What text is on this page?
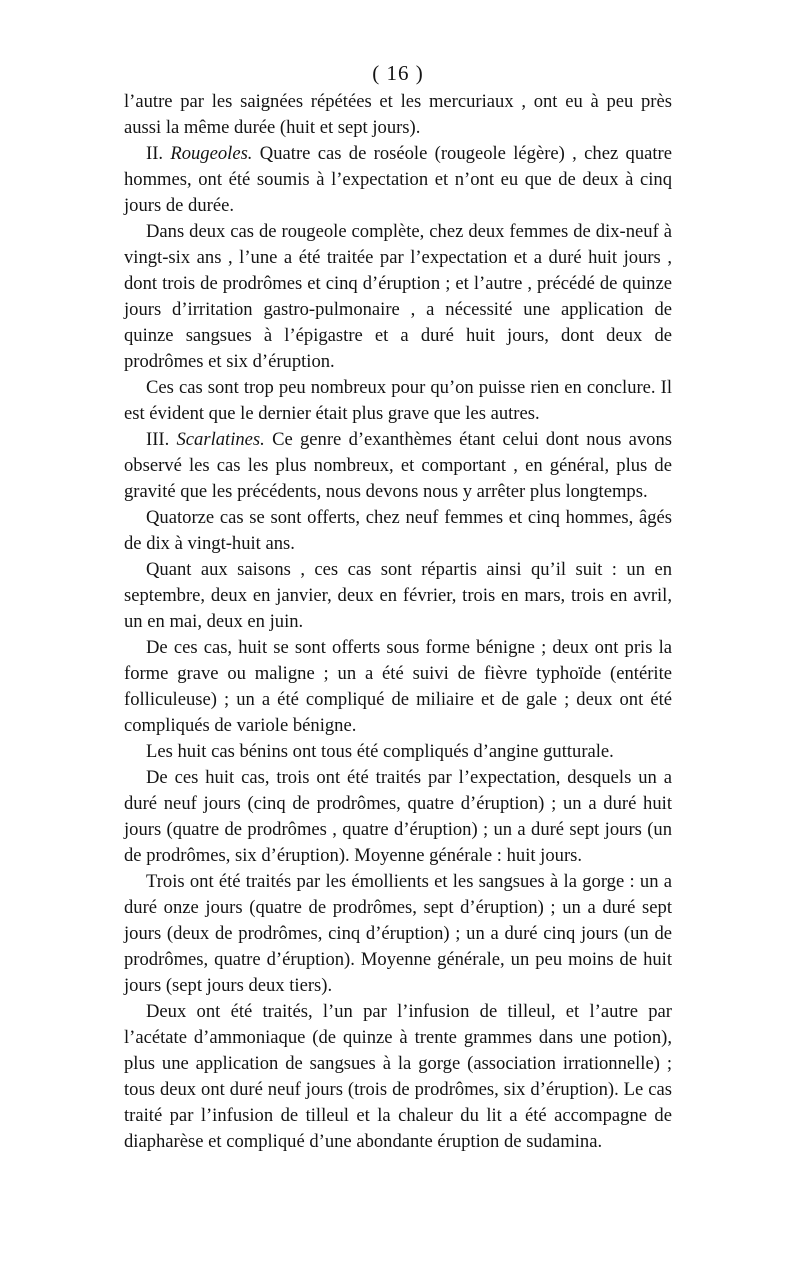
( 16 )

l’autre par les saignées répétées et les mercuriaux , ont eu à peu près aussi la même durée (huit et sept jours).

II. Rougeoles. Quatre cas de roséole (rougeole légère) , chez quatre hommes, ont été soumis à l’expectation et n’ont eu que de deux à cinq jours de durée.

Dans deux cas de rougeole complète, chez deux femmes de dix-neuf à vingt-six ans , l’une a été traitée par l’expectation et a duré huit jours , dont trois de prodrômes et cinq d’éruption ; et l’autre , précédé de quinze jours d’irritation gastro-pulmonaire , a nécessité une application de quinze sangsues à l’épigastre et a duré huit jours, dont deux de prodrômes et six d’éruption.

Ces cas sont trop peu nombreux pour qu’on puisse rien en conclure. Il est évident que le dernier était plus grave que les autres.

III. Scarlatines. Ce genre d’exanthèmes étant celui dont nous avons observé les cas les plus nombreux, et comportant , en général, plus de gravité que les précédents, nous devons nous y arrêter plus longtemps.

Quatorze cas se sont offerts, chez neuf femmes et cinq hommes, âgés de dix à vingt-huit ans.

Quant aux saisons , ces cas sont répartis ainsi qu’il suit : un en septembre, deux en janvier, deux en février, trois en mars, trois en avril, un en mai, deux en juin.

De ces cas, huit se sont offerts sous forme bénigne ; deux ont pris la forme grave ou maligne ; un a été suivi de fièvre typhoïde (entérite folliculeuse) ; un a été compliqué de miliaire et de gale ; deux ont été compliqués de variole bénigne.

Les huit cas bénins ont tous été compliqués d’angine gutturale.

De ces huit cas, trois ont été traités par l’expectation, desquels un a duré neuf jours (cinq de prodrômes, quatre d’éruption) ; un a duré huit jours (quatre de prodrômes , quatre d’éruption) ; un a duré sept jours (un de prodrômes, six d’éruption). Moyenne générale : huit jours.

Trois ont été traités par les émollients et les sangsues à la gorge : un a duré onze jours (quatre de prodrômes, sept d’éruption) ; un a duré sept jours (deux de prodrômes, cinq d’éruption) ; un a duré cinq jours (un de prodrômes, quatre d’éruption). Moyenne générale, un peu moins de huit jours (sept jours deux tiers).

Deux ont été traités, l’un par l’infusion de tilleul, et l’autre par l’acétate d’ammoniaque (de quinze à trente grammes dans une potion), plus une application de sangsues à la gorge (association irrationnelle) ; tous deux ont duré neuf jours (trois de prodrômes, six d’éruption). Le cas traité par l’infusion de tilleul et la chaleur du lit a été accompagne de diapharèse et compliqué d’une abondante éruption de sudamina.
